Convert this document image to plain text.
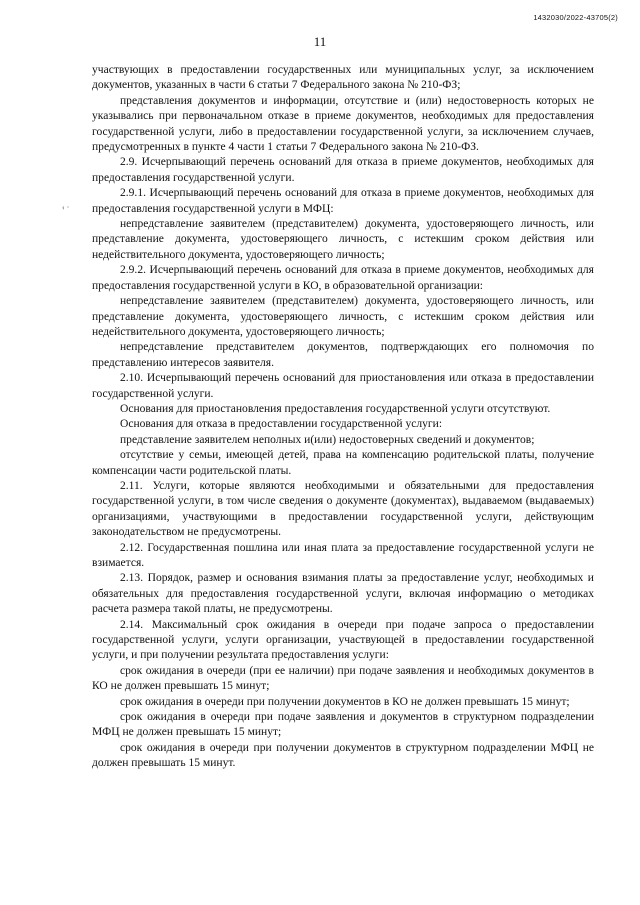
1432030/2022-43705(2)
11
‹ ·

участвующих в предоставлении государственных или муниципальных услуг, за исключением документов, указанных в части 6 статьи 7 Федерального закона № 210-ФЗ;

представления документов и информации, отсутствие и (или) недостоверность которых не указывались при первоначальном отказе в приеме документов, необходимых для предоставления государственной услуги, либо в предоставлении государственной услуги, за исключением случаев, предусмотренных в пункте 4 части 1 статьи 7 Федерального закона № 210-ФЗ.

2.9. Исчерпывающий перечень оснований для отказа в приеме документов, необходимых для предоставления государственной услуги.

2.9.1. Исчерпывающий перечень оснований для отказа в приеме документов, необходимых для предоставления государственной услуги в МФЦ:

непредставление заявителем (представителем) документа, удостоверяющего личность, или представление документа, удостоверяющего личность, с истекшим сроком действия или недействительного документа, удостоверяющего личность;

2.9.2. Исчерпывающий перечень оснований для отказа в приеме документов, необходимых для предоставления государственной услуги в КО, в образовательной организации:

непредставление заявителем (представителем) документа, удостоверяющего личность, или представление документа, удостоверяющего личность, с истекшим сроком действия или недействительного документа, удостоверяющего личность;

непредставление представителем документов, подтверждающих его полномочия по представлению интересов заявителя.

2.10. Исчерпывающий перечень оснований для приостановления или отказа в предоставлении государственной услуги.

Основания для приостановления предоставления государственной услуги отсутствуют.

Основания для отказа в предоставлении государственной услуги:

представление заявителем неполных и(или) недостоверных сведений и документов;

отсутствие у семьи, имеющей детей, права на компенсацию родительской платы, получение компенсации части родительской платы.

2.11. Услуги, которые являются необходимыми и обязательными для предоставления государственной услуги, в том числе сведения о документе (документах), выдаваемом (выдаваемых) организациями, участвующими в предоставлении государственной услуги, действующим законодательством не предусмотрены.

2.12. Государственная пошлина или иная плата за предоставление государственной услуги не взимается.

2.13. Порядок, размер и основания взимания платы за предоставление услуг, необходимых и обязательных для предоставления государственной услуги, включая информацию о методиках расчета размера такой платы, не предусмотрены.

2.14. Максимальный срок ожидания в очереди при подаче запроса о предоставлении государственной услуги, услуги организации, участвующей в предоставлении государственной услуги, и при получении результата предоставления услуги:

срок ожидания в очереди (при ее наличии) при подаче заявления и необходимых документов в КО не должен превышать 15 минут;

срок ожидания в очереди при получении документов в КО не должен превышать 15 минут;

срок ожидания в очереди при подаче заявления и документов в структурном подразделении МФЦ не должен превышать 15 минут;

срок ожидания в очереди при получении документов в структурном подразделении МФЦ не должен превышать 15 минут.
